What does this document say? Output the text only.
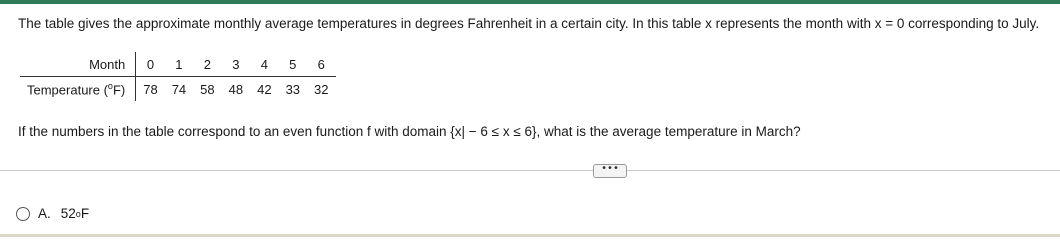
The table gives the approximate monthly average temperatures in degrees Fahrenheit in a certain city. In this table x represents the month with x = 0 corresponding to July.
Month	0	1	2	3	4	5	6
Temperature ($^o$F)	78	74	58	48	42	33	32
If the numbers in the table correspond to an even function f with domain {x| − 6 ≤ x ≤ 6}, what is the average temperature in March?
•••
A. 52 o F
